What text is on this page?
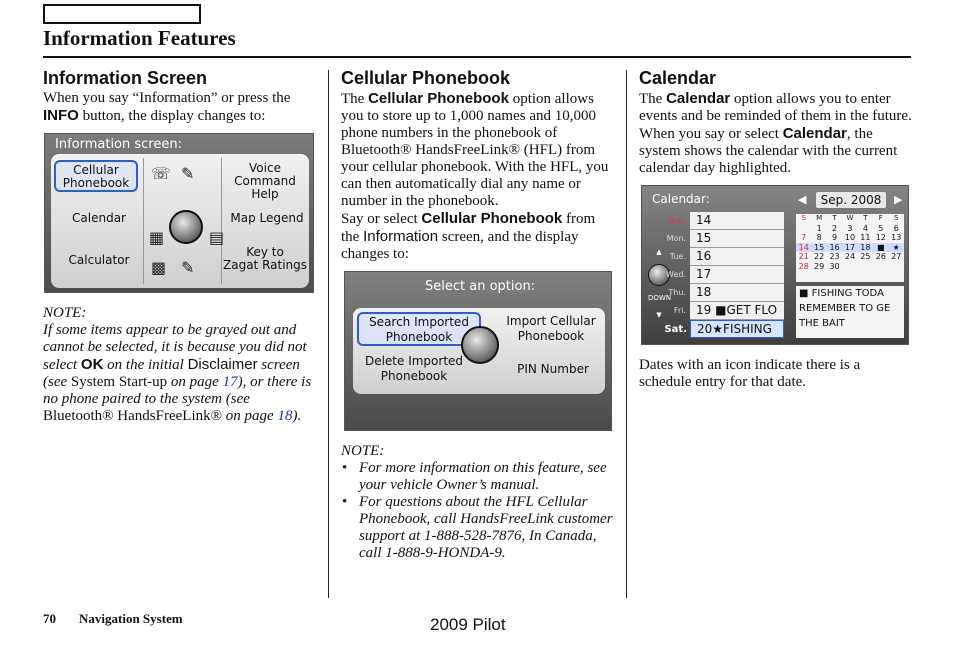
Information Features
Information Screen

When you say “Information” or press the INFO button, the display changes to:

Information screen:
Cellular
Phonebook
Voice
Command Help
Calendar	Map Legend
Calculator
Key to
Zagat Ratings
☏ ✎
▦	▤
▩ ✎
NOTE:

If some items appear to be grayed out and cannot be selected, it is because you did not select OK on the initial Disclaimer screen (see System Start-up on page 17), or there is no phone paired to the system (see Bluetooth® HandsFreeLink® on page 18).

Cellular Phonebook

The Cellular Phonebook option allows you to store up to 1,000 names and 10,000 phone numbers in the phonebook of Bluetooth® HandsFreeLink® (HFL) from your cellular phonebook. With the HFL, you can then automatically dial any name or number in the phonebook.

Say or select Cellular Phonebook from the Information screen, and the display changes to:

Select an option:
Search Imported
Phonebook
Import Cellular
Phonebook
Delete Imported
Phonebook	PIN Number
NOTE:
• For more information on this feature, see your vehicle Owner’s manual.
• For questions about the HFL Cellular Phonebook, call HandsFreeLink customer support at 1-888-528-7876, In Canada, call 1-888-9-HONDA-9.
Calendar

The Calendar option allows you to enter events and be reminded of them in the future. When you say or select Calendar, the system shows the calendar with the current calendar day highlighted.

Calendar:	◀	Sep. 2008	▶
▲

DOWN
▼
Sun. 14
Mon. 15
Tue. 16
Wed. 17
Thu. 18
Fri. 19 ■GET FLO
Sat. 20★FISHING
S	M	T	W	T	F	S
	1	2	3	4	5	6
7	8	9	10	11	12	13
14	15	16	17	18	■	★
21	22	23	24	25	26	27
28	29	30				
■ FISHING TODA
REMEMBER TO GE
THE BAIT

Dates with an icon indicate there is a schedule entry for that date.

70 Navigation System	2009 Pilot
